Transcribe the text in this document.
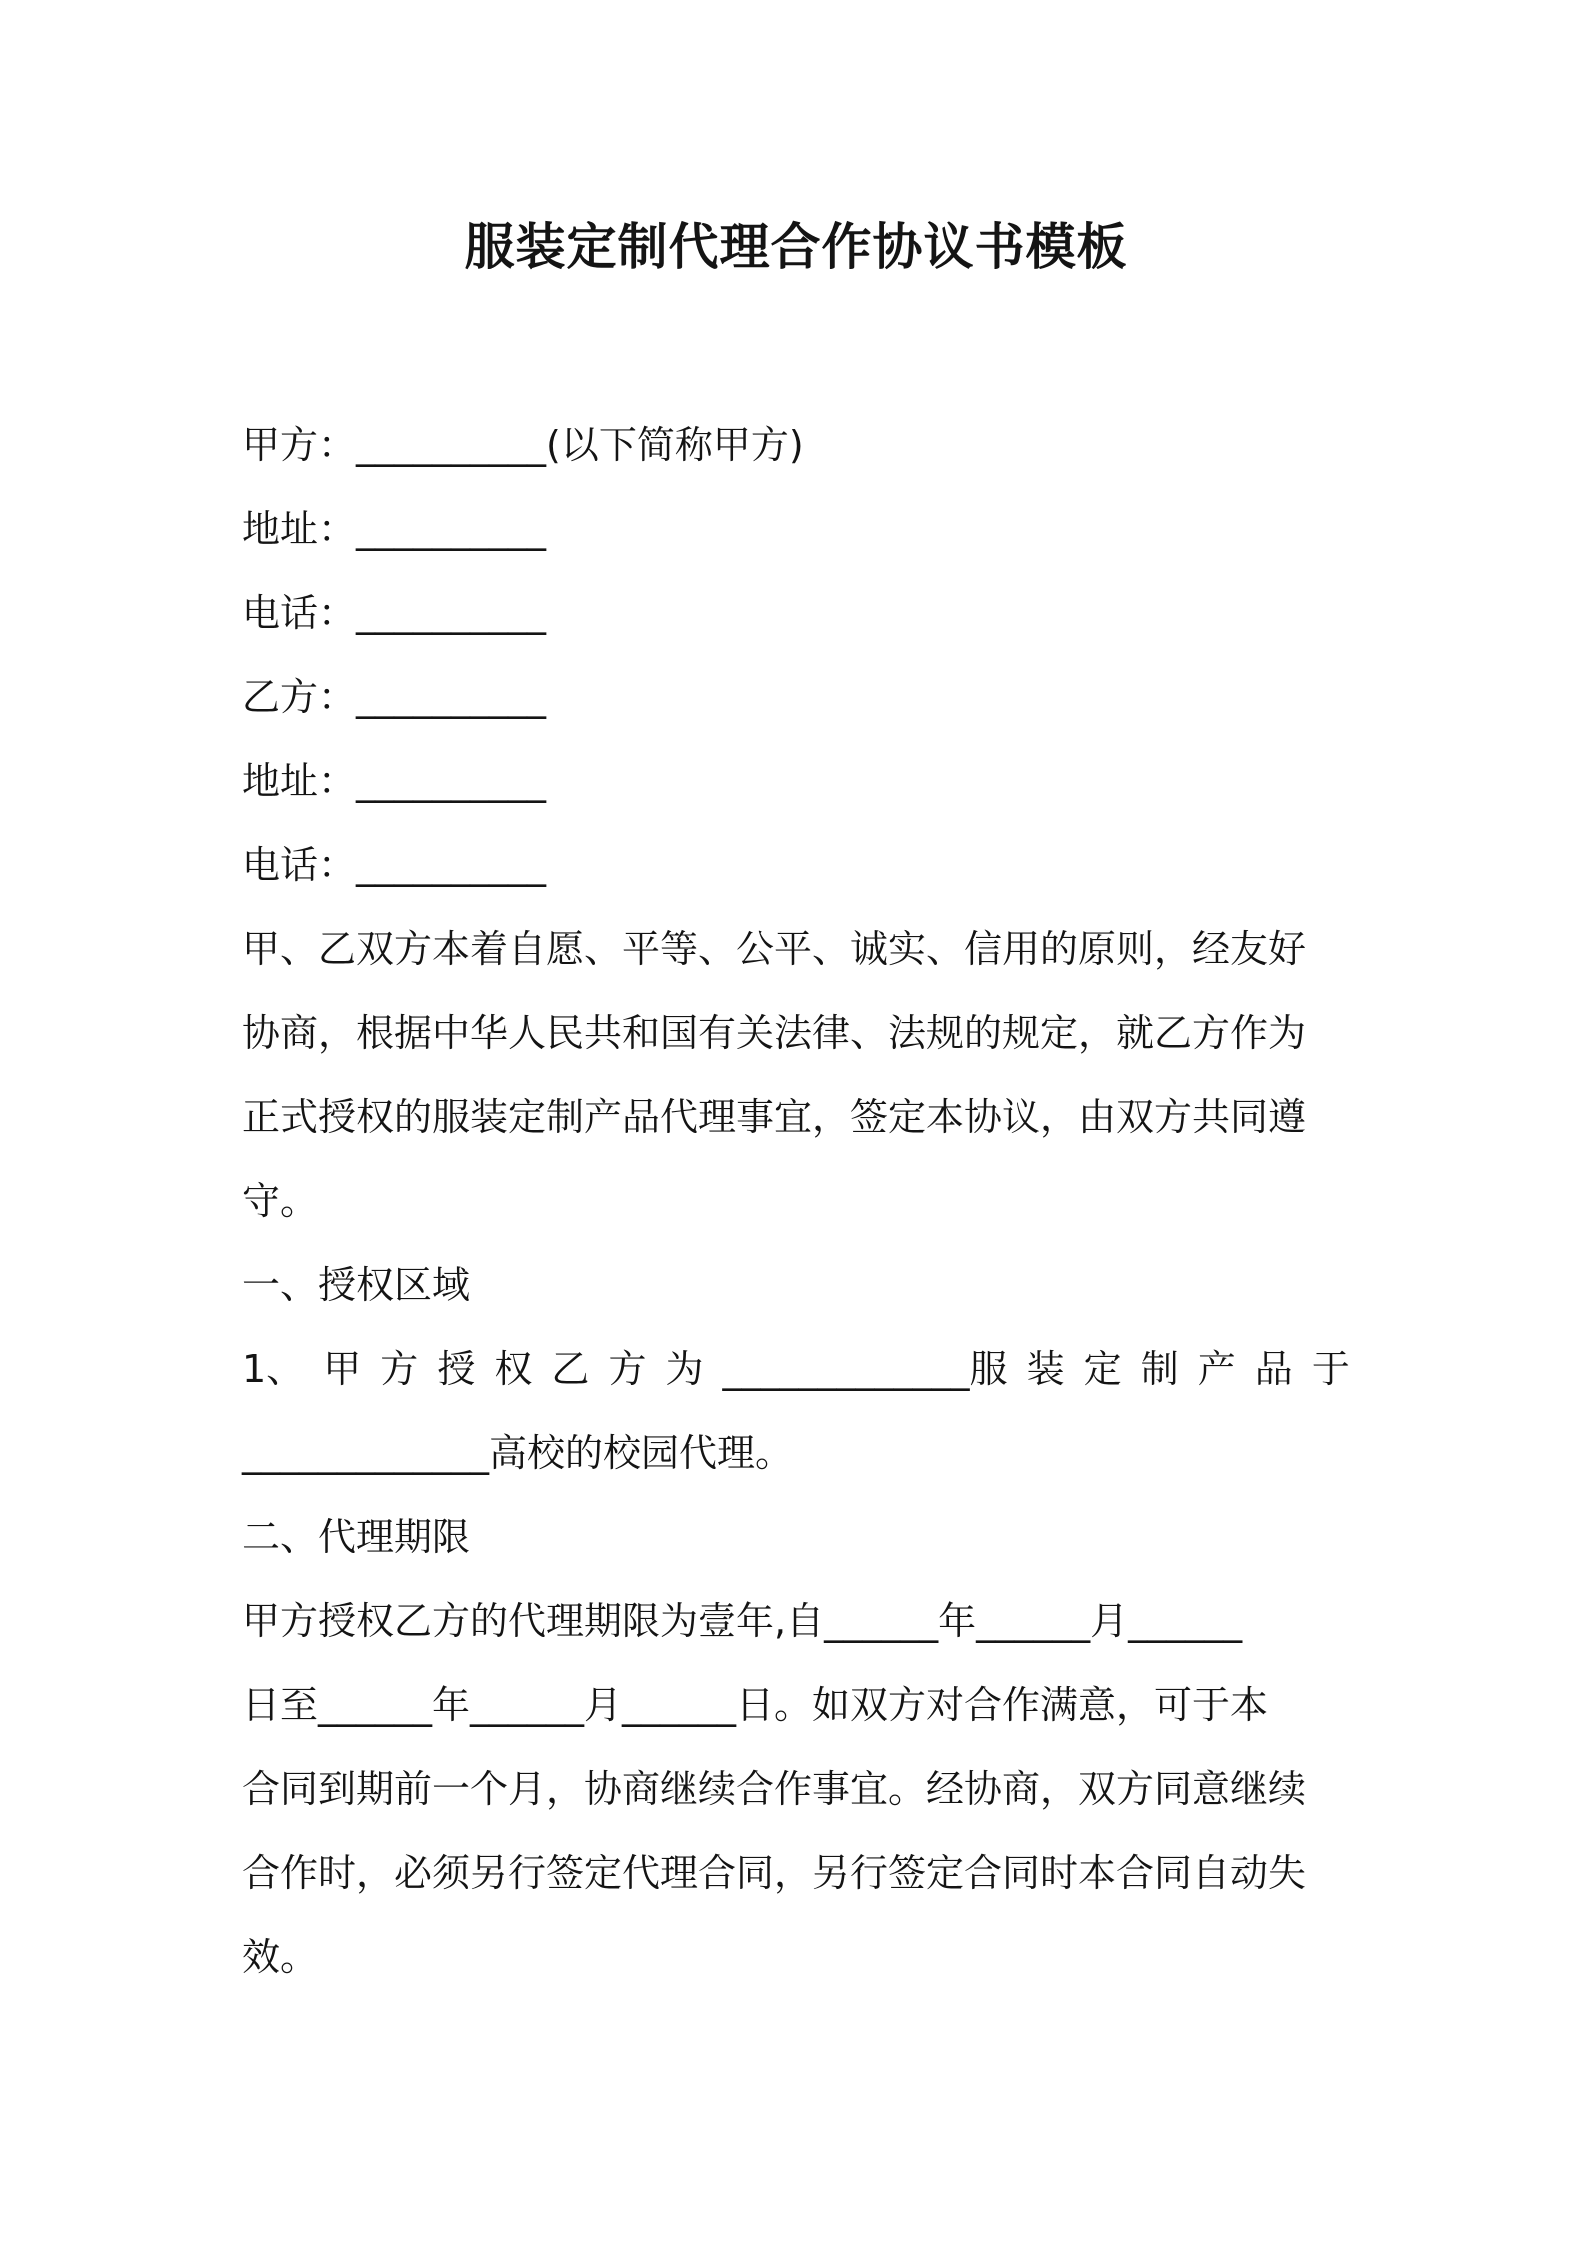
服装定制代理合作协议书模板
甲方：__________(以下简称甲方)
地址：__________
电话：__________
乙方：__________
地址：__________
电话：__________
甲、乙双方本着自愿、平等、公平、诚实、信用的原则，经友好
协商，根据中华人民共和国有关法律、法规的规定，就乙方作为
正式授权的服装定制产品代理事宜，签定本协议，由双方共同遵
守。
一、授权区域
1、 甲 方 授 权 乙 方 为 _____________服 装 定 制 产 品 于
_____________高校的校园代理。
二、代理期限
甲方授权乙方的代理期限为壹年,自______年______月______
日至______年______月______日。如双方对合作满意，可于本
合同到期前一个月，协商继续合作事宜。经协商，双方同意继续
合作时，必须另行签定代理合同，另行签定合同时本合同自动失
效。
